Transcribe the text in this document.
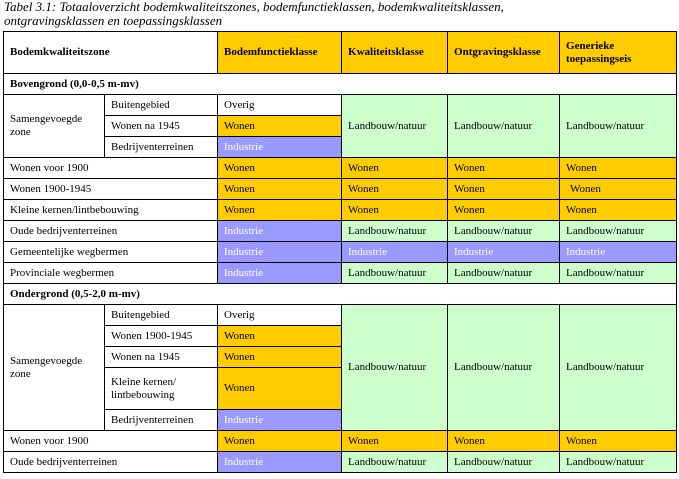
Tabel 3.1: Totaaloverzicht bodemkwaliteitszones, bodemfunctieklassen, bodemkwaliteitsklassen,
ontgravingsklassen en toepassingsklassen
Bodemkwaliteitszone		Bodemfunctieklasse	Kwaliteitsklasse	Ontgravingsklasse	Generieke toepassingseis
Bovengrond (0,0-0,5 m-mv)					
Samengevoegde zone	Buitengebied	Overig	Landbouw/natuur	Landbouw/natuur	Landbouw/natuur
	Wonen na 1945	Wonen			
	Bedrijventerreinen	Industrie			
Wonen voor 1900		Wonen	Wonen	Wonen	Wonen
Wonen 1900-1945		Wonen	Wonen	Wonen	Wonen
Kleine kernen/lintbebouwing		Wonen	Wonen	Wonen	Wonen
Oude bedrijventerreinen		Industrie	Landbouw/natuur	Landbouw/natuur	Landbouw/natuur
Gemeentelijke wegbermen		Industrie	Industrie	Industrie	Industrie
Provinciale wegbermen		Industrie	Landbouw/natuur	Landbouw/natuur	Landbouw/natuur
Ondergrond (0,5-2,0 m-mv)					
Samengevoegde zone	Buitengebied	Overig	Landbouw/natuur	Landbouw/natuur	Landbouw/natuur
	Wonen 1900-1945	Wonen			
	Wonen na 1945	Wonen			
	Kleine kernen/ lintbebouwing	Wonen			
	Bedrijventerreinen	Industrie			
Wonen voor 1900		Wonen	Wonen	Wonen	Wonen
Oude bedrijventerreinen		Industrie	Landbouw/natuur	Landbouw/natuur	Landbouw/natuur
